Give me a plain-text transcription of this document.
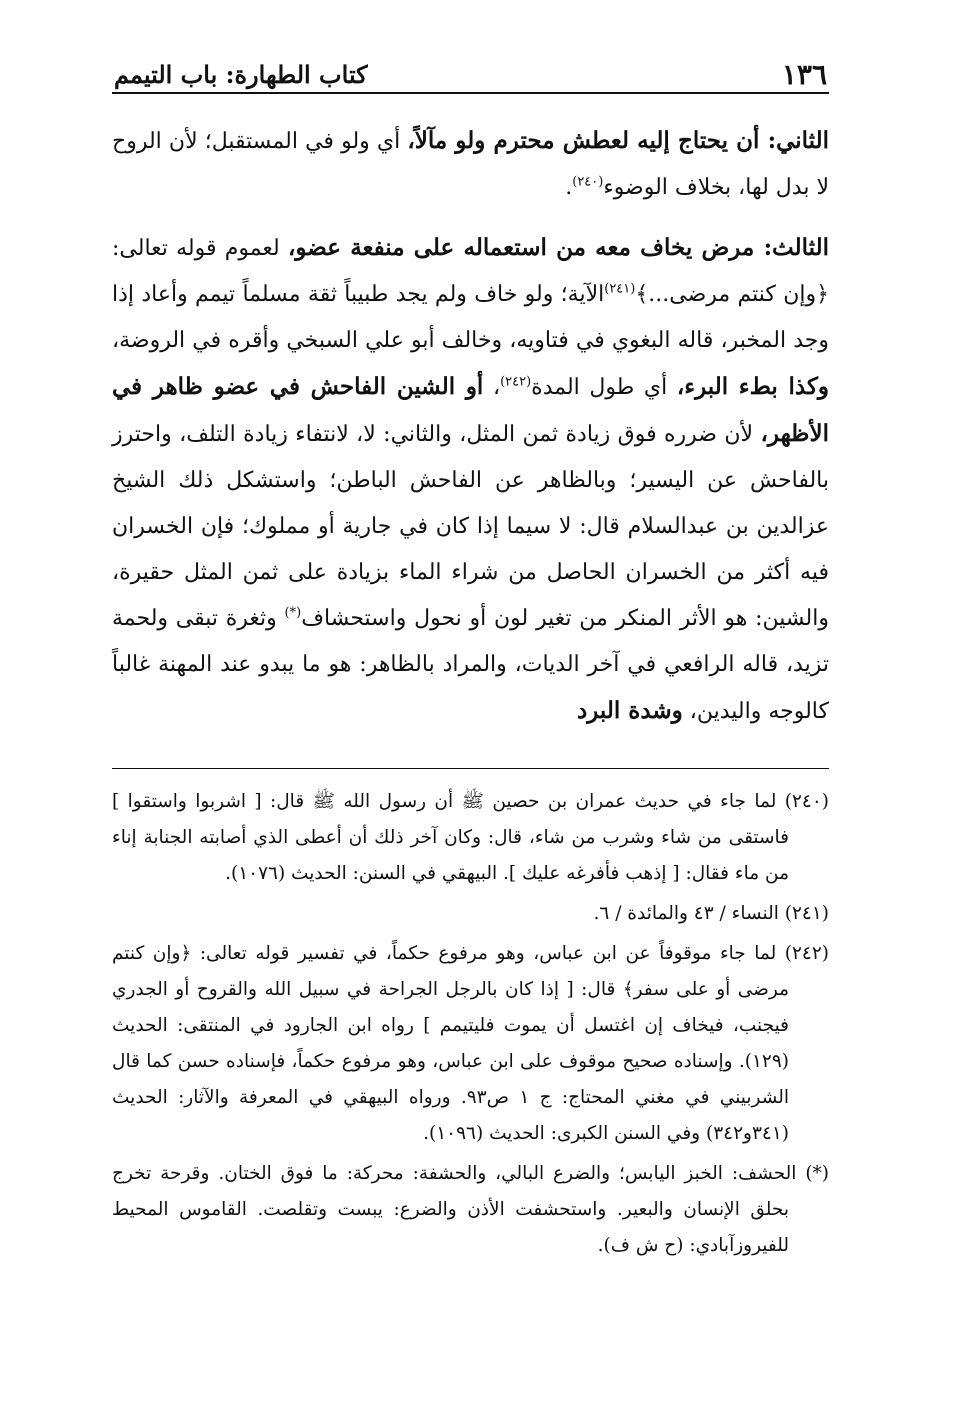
١٣٦
كتاب الطهارة: باب التيمم

الثاني: أن يحتاج إليه لعطش محترم ولو مآلاً، أي ولو في المستقبل؛ لأن الروح لا بدل لها، بخلاف الوضوء$^{(٢٤٠)}$.

الثالث: مرض يخاف معه من استعماله على منفعة عضو، لعموم قوله تعالى: ﴿وإن كنتم مرضى...﴾$^{(٢٤١)}$الآية؛ ولو خاف ولم يجد طبيباً ثقة مسلماً تيمم وأعاد إذا وجد المخبر، قاله البغوي في فتاويه، وخالف أبو علي السبخي وأقره في الروضة، وكذا بطء البرء، أي طول المدة$^{(٢٤٢)}$، أو الشين الفاحش في عضو ظاهر في الأظهر، لأن ضرره فوق زيادة ثمن المثل، والثاني: لا، لانتفاء زيادة التلف، واحترز بالفاحش عن اليسير؛ وبالظاهر عن الفاحش الباطن؛ واستشكل ذلك الشيخ عزالدين بن عبدالسلام قال: لا سيما إذا كان في جارية أو مملوك؛ فإن الخسران فيه أكثر من الخسران الحاصل من شراء الماء بزيادة على ثمن المثل حقيرة، والشين: هو الأثر المنكر من تغير لون أو نحول واستحشاف(*) وثغرة تبقى ولحمة تزيد، قاله الرافعي في آخر الديات، والمراد بالظاهر: هو ما يبدو عند المهنة غالباً كالوجه واليدين، وشدة البرد

(٢٤٠) لما جاء في حديث عمران بن حصين ﷺ أن رسول الله ﷺ قال: [ اشربوا واستقوا ] فاستقى من شاء وشرب من شاء، قال: وكان آخر ذلك أن أعطى الذي أصابته الجنابة إناء من ماء فقال: [ إذهب فأفرغه عليك ]. البيهقي في السنن: الحديث (١٠٧٦).

(٢٤١) النساء / ٤٣ والمائدة / ٦.

(٢٤٢) لما جاء موقوفاً عن ابن عباس، وهو مرفوع حكماً، في تفسير قوله تعالى: ﴿وإن كنتم مرضى أو على سفر﴾ قال: [ إذا كان بالرجل الجراحة في سبيل الله والقروح أو الجدري فيجنب، فيخاف إن اغتسل أن يموت فليتيمم ] رواه ابن الجارود في المنتقى: الحديث (١٢٩). وإسناده صحيح موقوف على ابن عباس، وهو مرفوع حكماً، فإسناده حسن كما قال الشربيني في مغني المحتاج: ج ١ ص٩٣. ورواه البيهقي في المعرفة والآثار: الحديث (٣٤١و٣٤٢) وفي السنن الكبرى: الحديث (١٠٩٦).

(*) الحشف: الخبز اليابس؛ والضرع البالي، والحشفة: محركة: ما فوق الختان. وقرحة تخرج بحلق الإنسان والبعير. واستحشفت الأذن والضرع: يبست وتقلصت. القاموس المحيط للفيروزآبادي: (ح ش ف).
